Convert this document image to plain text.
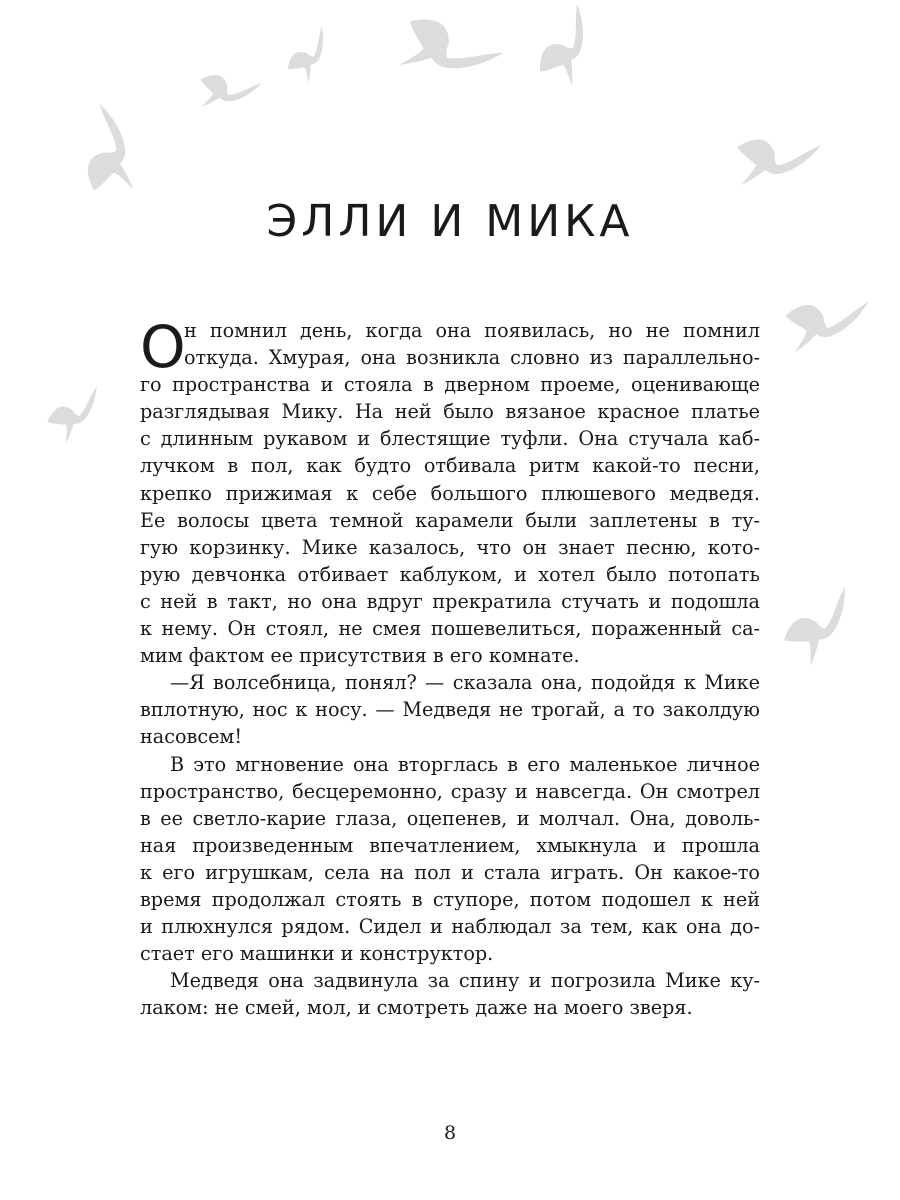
ЭЛЛИ И МИКА
О
н помнил день, когда она появилась, но не помнил
откуда. Хмурая, она возникла словно из параллельно-
го пространства и стояла в дверном проеме, оценивающе
разглядывая Мику. На ней было вязаное красное платье
с длинным рукавом и блестящие туфли. Она стучала каб-
лучком в пол, как будто отбивала ритм какой-то песни,
крепко прижимая к себе большого плюшевого медведя.
Ее волосы цвета темной карамели были заплетены в ту-
гую корзинку. Мике казалось, что он знает песню, кото-
рую девчонка отбивает каблуком, и хотел было потопать
с ней в такт, но она вдруг прекратила стучать и подошла
к нему. Он стоял, не смея пошевелиться, пораженный са-
мим фактом ее присутствия в его комнате.
—Я волсебница, понял? — сказала она, подойдя к Мике
вплотную, нос к носу. — Медведя не трогай, а то заколдую
насовсем!
В это мгновение она вторглась в его маленькое личное
пространство, бесцеремонно, сразу и навсегда. Он смотрел
в ее светло-карие глаза, оцепенев, и молчал. Она, доволь-
ная произведенным впечатлением, хмыкнула и прошла
к его игрушкам, села на пол и стала играть. Он какое-то
время продолжал стоять в ступоре, потом подошел к ней
и плюхнулся рядом. Сидел и наблюдал за тем, как она до-
стает его машинки и конструктор.
Медведя она задвинула за спину и погрозила Мике ку-
лаком: не смей, мол, и смотреть даже на моего зверя.
8
